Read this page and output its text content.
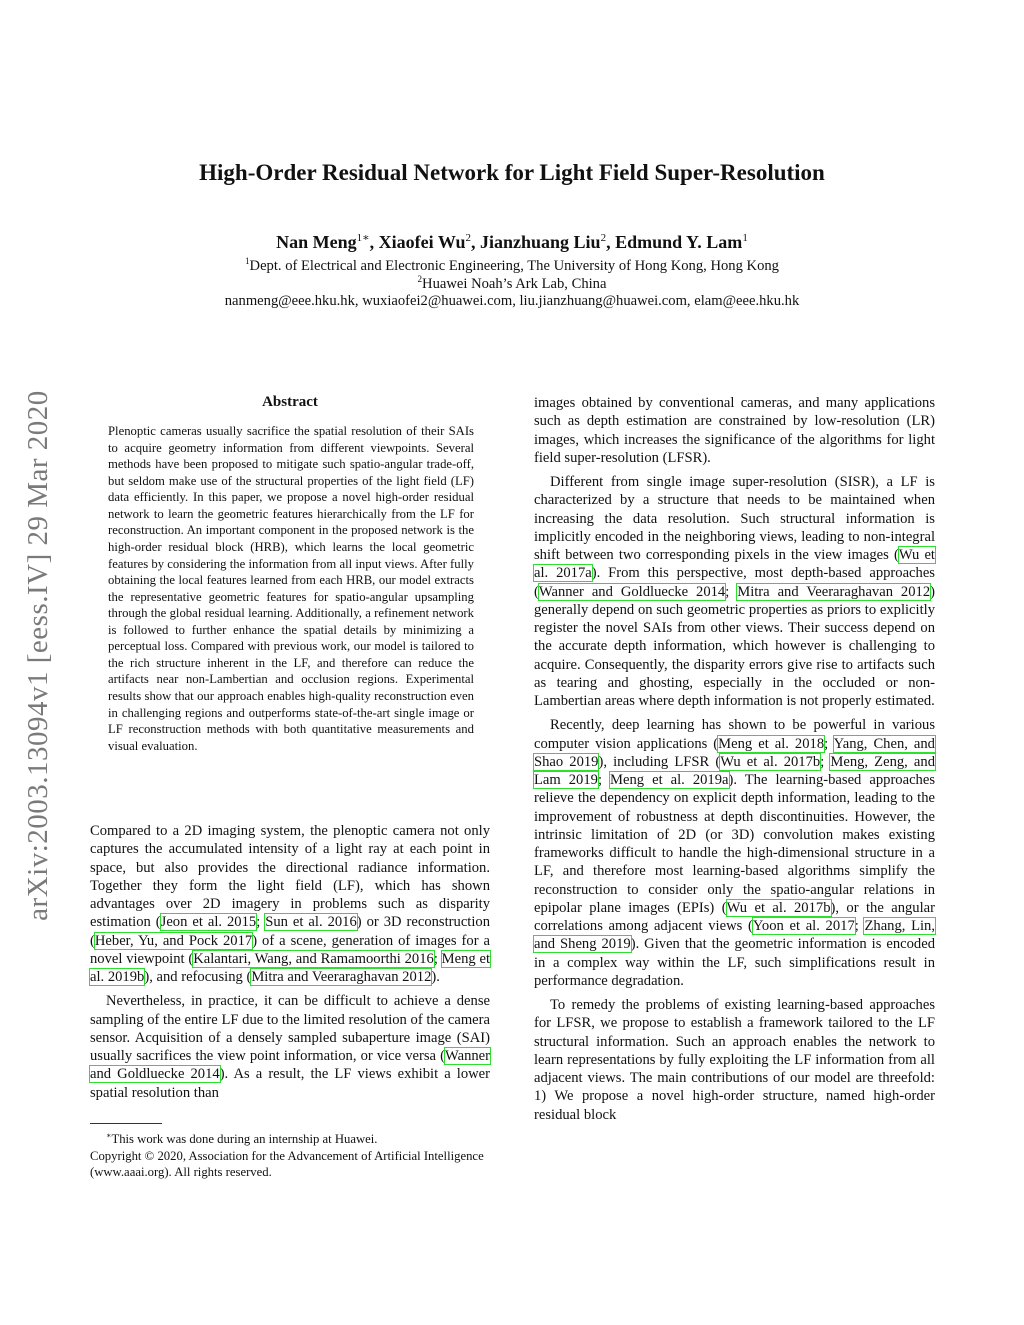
arXiv:2003.13094v1 [eess.IV] 29 Mar 2020
High-Order Residual Network for Light Field Super-Resolution
Nan Meng$^{1∗}$, Xiaofei Wu$^2$, Jianzhuang Liu$^2$, Edmund Y. Lam$^1$
$^1$Dept. of Electrical and Electronic Engineering, The University of Hong Kong, Hong Kong
$^2$Huawei Noah’s Ark Lab, China
nanmeng@eee.hku.hk, wuxiaofei2@huawei.com, liu.jianzhuang@huawei.com, elam@eee.hku.hk
Abstract
Plenoptic cameras usually sacrifice the spatial resolution of their SAIs to acquire geometry information from different viewpoints. Several methods have been proposed to mitigate such spatio-angular trade-off, but seldom make use of the structural properties of the light field (LF) data efficiently. In this paper, we propose a novel high-order residual network to learn the geometric features hierarchically from the LF for reconstruction. An important component in the proposed network is the high-order residual block (HRB), which learns the local geometric features by considering the information from all input views. After fully obtaining the local features learned from each HRB, our model extracts the representative geometric features for spatio-angular upsampling through the global residual learning. Additionally, a refinement network is followed to further enhance the spatial details by minimizing a perceptual loss. Compared with previous work, our model is tailored to the rich structure inherent in the LF, and therefore can reduce the artifacts near non-Lambertian and occlusion regions. Experimental results show that our approach enables high-quality reconstruction even in challenging regions and outperforms state-of-the-art single image or LF reconstruction methods with both quantitative measurements and visual evaluation.

Compared to a 2D imaging system, the plenoptic camera not only captures the accumulated intensity of a light ray at each point in space, but also provides the directional radiance information. Together they form the light field (LF), which has shown advantages over 2D imagery in problems such as disparity estimation (Jeon et al. 2015; Sun et al. 2016) or 3D reconstruction (Heber, Yu, and Pock 2017) of a scene, generation of images for a novel viewpoint (Kalantari, Wang, and Ramamoorthi 2016; Meng et al. 2019b), and refocusing (Mitra and Veeraraghavan 2012).

Nevertheless, in practice, it can be difficult to achieve a dense sampling of the entire LF due to the limited resolution of the camera sensor. Acquisition of a densely sampled subaperture image (SAI) usually sacrifices the view point information, or vice versa (Wanner and Goldluecke 2014). As a result, the LF views exhibit a lower spatial resolution than

images obtained by conventional cameras, and many applications such as depth estimation are constrained by low-resolution (LR) images, which increases the significance of the algorithms for light field super-resolution (LFSR).

Different from single image super-resolution (SISR), a LF is characterized by a structure that needs to be maintained when increasing the data resolution. Such structural information is implicitly encoded in the neighboring views, leading to non-integral shift between two corresponding pixels in the view images (Wu et al. 2017a). From this perspective, most depth-based approaches (Wanner and Goldluecke 2014; Mitra and Veeraraghavan 2012) generally depend on such geometric properties as priors to explicitly register the novel SAIs from other views. Their success depend on the accurate depth information, which however is challenging to acquire. Consequently, the disparity errors give rise to artifacts such as tearing and ghosting, especially in the occluded or non-Lambertian areas where depth information is not properly estimated.

Recently, deep learning has shown to be powerful in various computer vision applications (Meng et al. 2018; Yang, Chen, and Shao 2019), including LFSR (Wu et al. 2017b; Meng, Zeng, and Lam 2019; Meng et al. 2019a). The learning-based approaches relieve the dependency on explicit depth information, leading to the improvement of robustness at depth discontinuities. However, the intrinsic limitation of 2D (or 3D) convolution makes existing frameworks difficult to handle the high-dimensional structure in a LF, and therefore most learning-based algorithms simplify the reconstruction to consider only the spatio-angular relations in epipolar plane images (EPIs) (Wu et al. 2017b), or the angular correlations among adjacent views (Yoon et al. 2017; Zhang, Lin, and Sheng 2019). Given that the geometric information is encoded in a complex way within the LF, such simplifications result in performance degradation.

To remedy the problems of existing learning-based approaches for LFSR, we propose to establish a framework tailored to the LF structural information. Such an approach enables the network to learn representations by fully exploiting the LF information from all adjacent views. The main contributions of our model are threefold: 1) We propose a novel high-order structure, named high-order residual block

∗This work was done during an internship at Huawei.
Copyright © 2020, Association for the Advancement of Artificial Intelligence (www.aaai.org). All rights reserved.
